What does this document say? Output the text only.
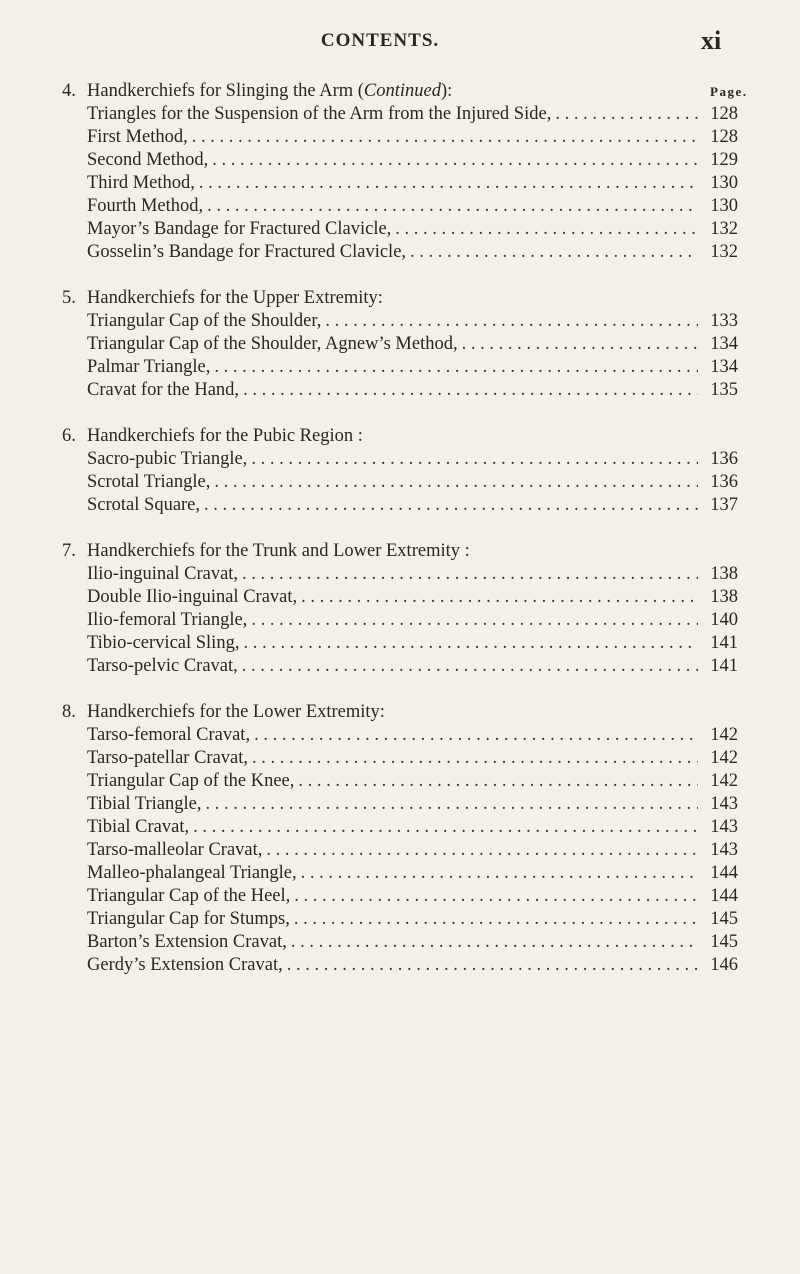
CONTENTS.	xi
Page.
4. Handkerchiefs for Slinging the Arm (Continued):
Triangles for the Suspension of the Arm from the Injured Side, . . .	128
First Method, . . .	128
Second Method, . . .	129
Third Method, . . .	130
Fourth Method, . . .	130
Mayor’s Bandage for Fractured Clavicle, . . .	132
Gosselin’s Bandage for Fractured Clavicle, . . .	132
5. Handkerchiefs for the Upper Extremity:
Triangular Cap of the Shoulder, . . .	133
Triangular Cap of the Shoulder, Agnew’s Method, . . .	134
Palmar Triangle, . . .	134
Cravat for the Hand, . . .	135
6. Handkerchiefs for the Pubic Region :
Sacro-pubic Triangle, . . .	136
Scrotal Triangle, . . .	136
Scrotal Square, . . .	137
7. Handkerchiefs for the Trunk and Lower Extremity :
Ilio-inguinal Cravat, . . .	138
Double Ilio-inguinal Cravat, . . .	138
Ilio-femoral Triangle, . . .	140
Tibio-cervical Sling, . . .	141
Tarso-pelvic Cravat, . . .	141
8. Handkerchiefs for the Lower Extremity:
Tarso-femoral Cravat, . . .	142
Tarso-patellar Cravat, . . .	142
Triangular Cap of the Knee, . . .	142
Tibial Triangle, . . .	143
Tibial Cravat, . . .	143
Tarso-malleolar Cravat, . . .	143
Malleo-phalangeal Triangle, . . .	144
Triangular Cap of the Heel, . . .	144
Triangular Cap for Stumps, . . .	145
Barton’s Extension Cravat, . . .	145
Gerdy’s Extension Cravat, . . .	146
